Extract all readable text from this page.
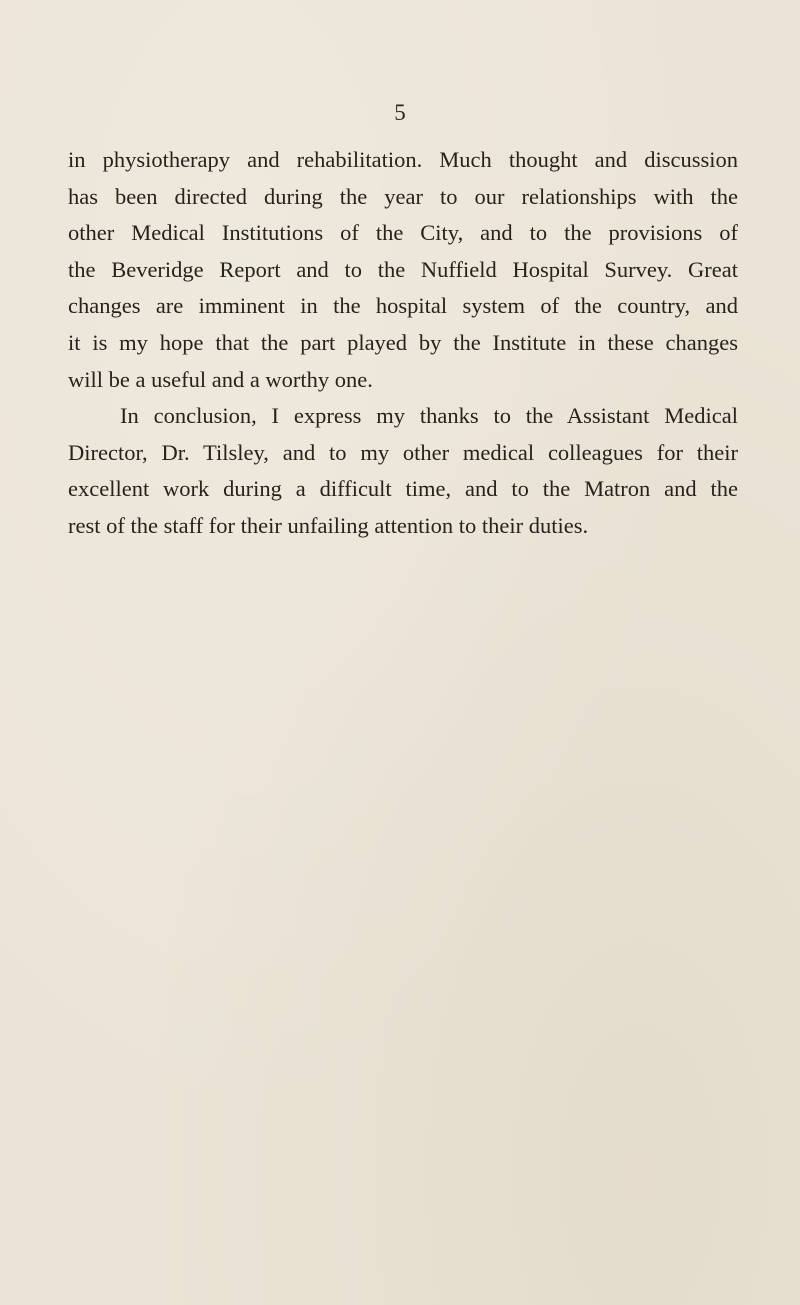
5

in physiotherapy and rehabilitation. Much thought and discussion
has been directed during the year to our relationships with the
other Medical Institutions of the City, and to the provisions of
the Beveridge Report and to the Nuffield Hospital Survey. Great
changes are imminent in the hospital system of the country, and
it is my hope that the part played by the Institute in these changes
will be a useful and a worthy one.

In conclusion, I express my thanks to the Assistant Medical
Director, Dr. Tilsley, and to my other medical colleagues for their
excellent work during a difficult time, and to the Matron and the
rest of the staff for their unfailing attention to their duties.
